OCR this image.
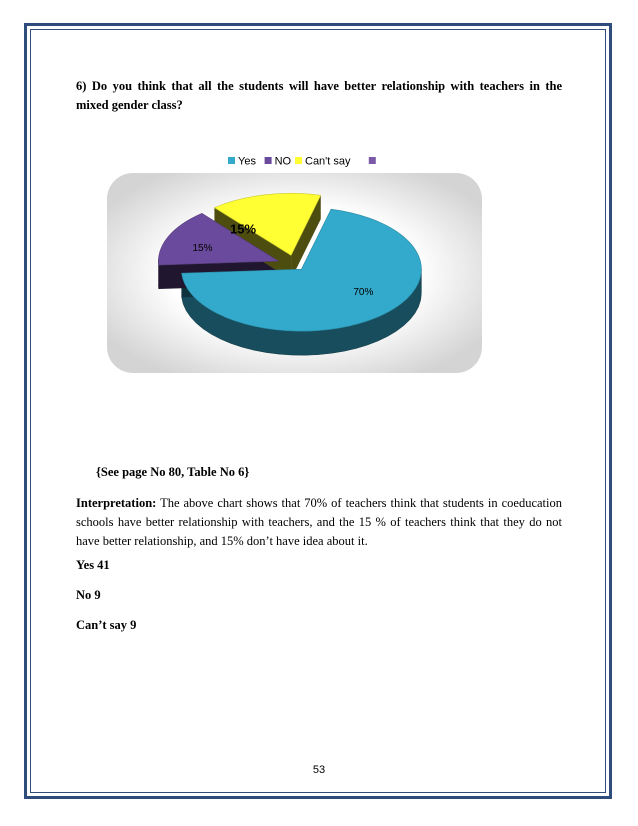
6) Do you think that all the students will have better relationship with teachers in the mixed gender class?
Yes NO Can't say
70%
15%
15%
{See page No 80, Table No 6}
Interpretation: The above chart shows that 70% of teachers think that students in coeducation schools have better relationship with teachers, and the 15 % of teachers think that they do not have better relationship, and 15% don’t have idea about it.
Yes 41
No 9
Can’t say 9
53
